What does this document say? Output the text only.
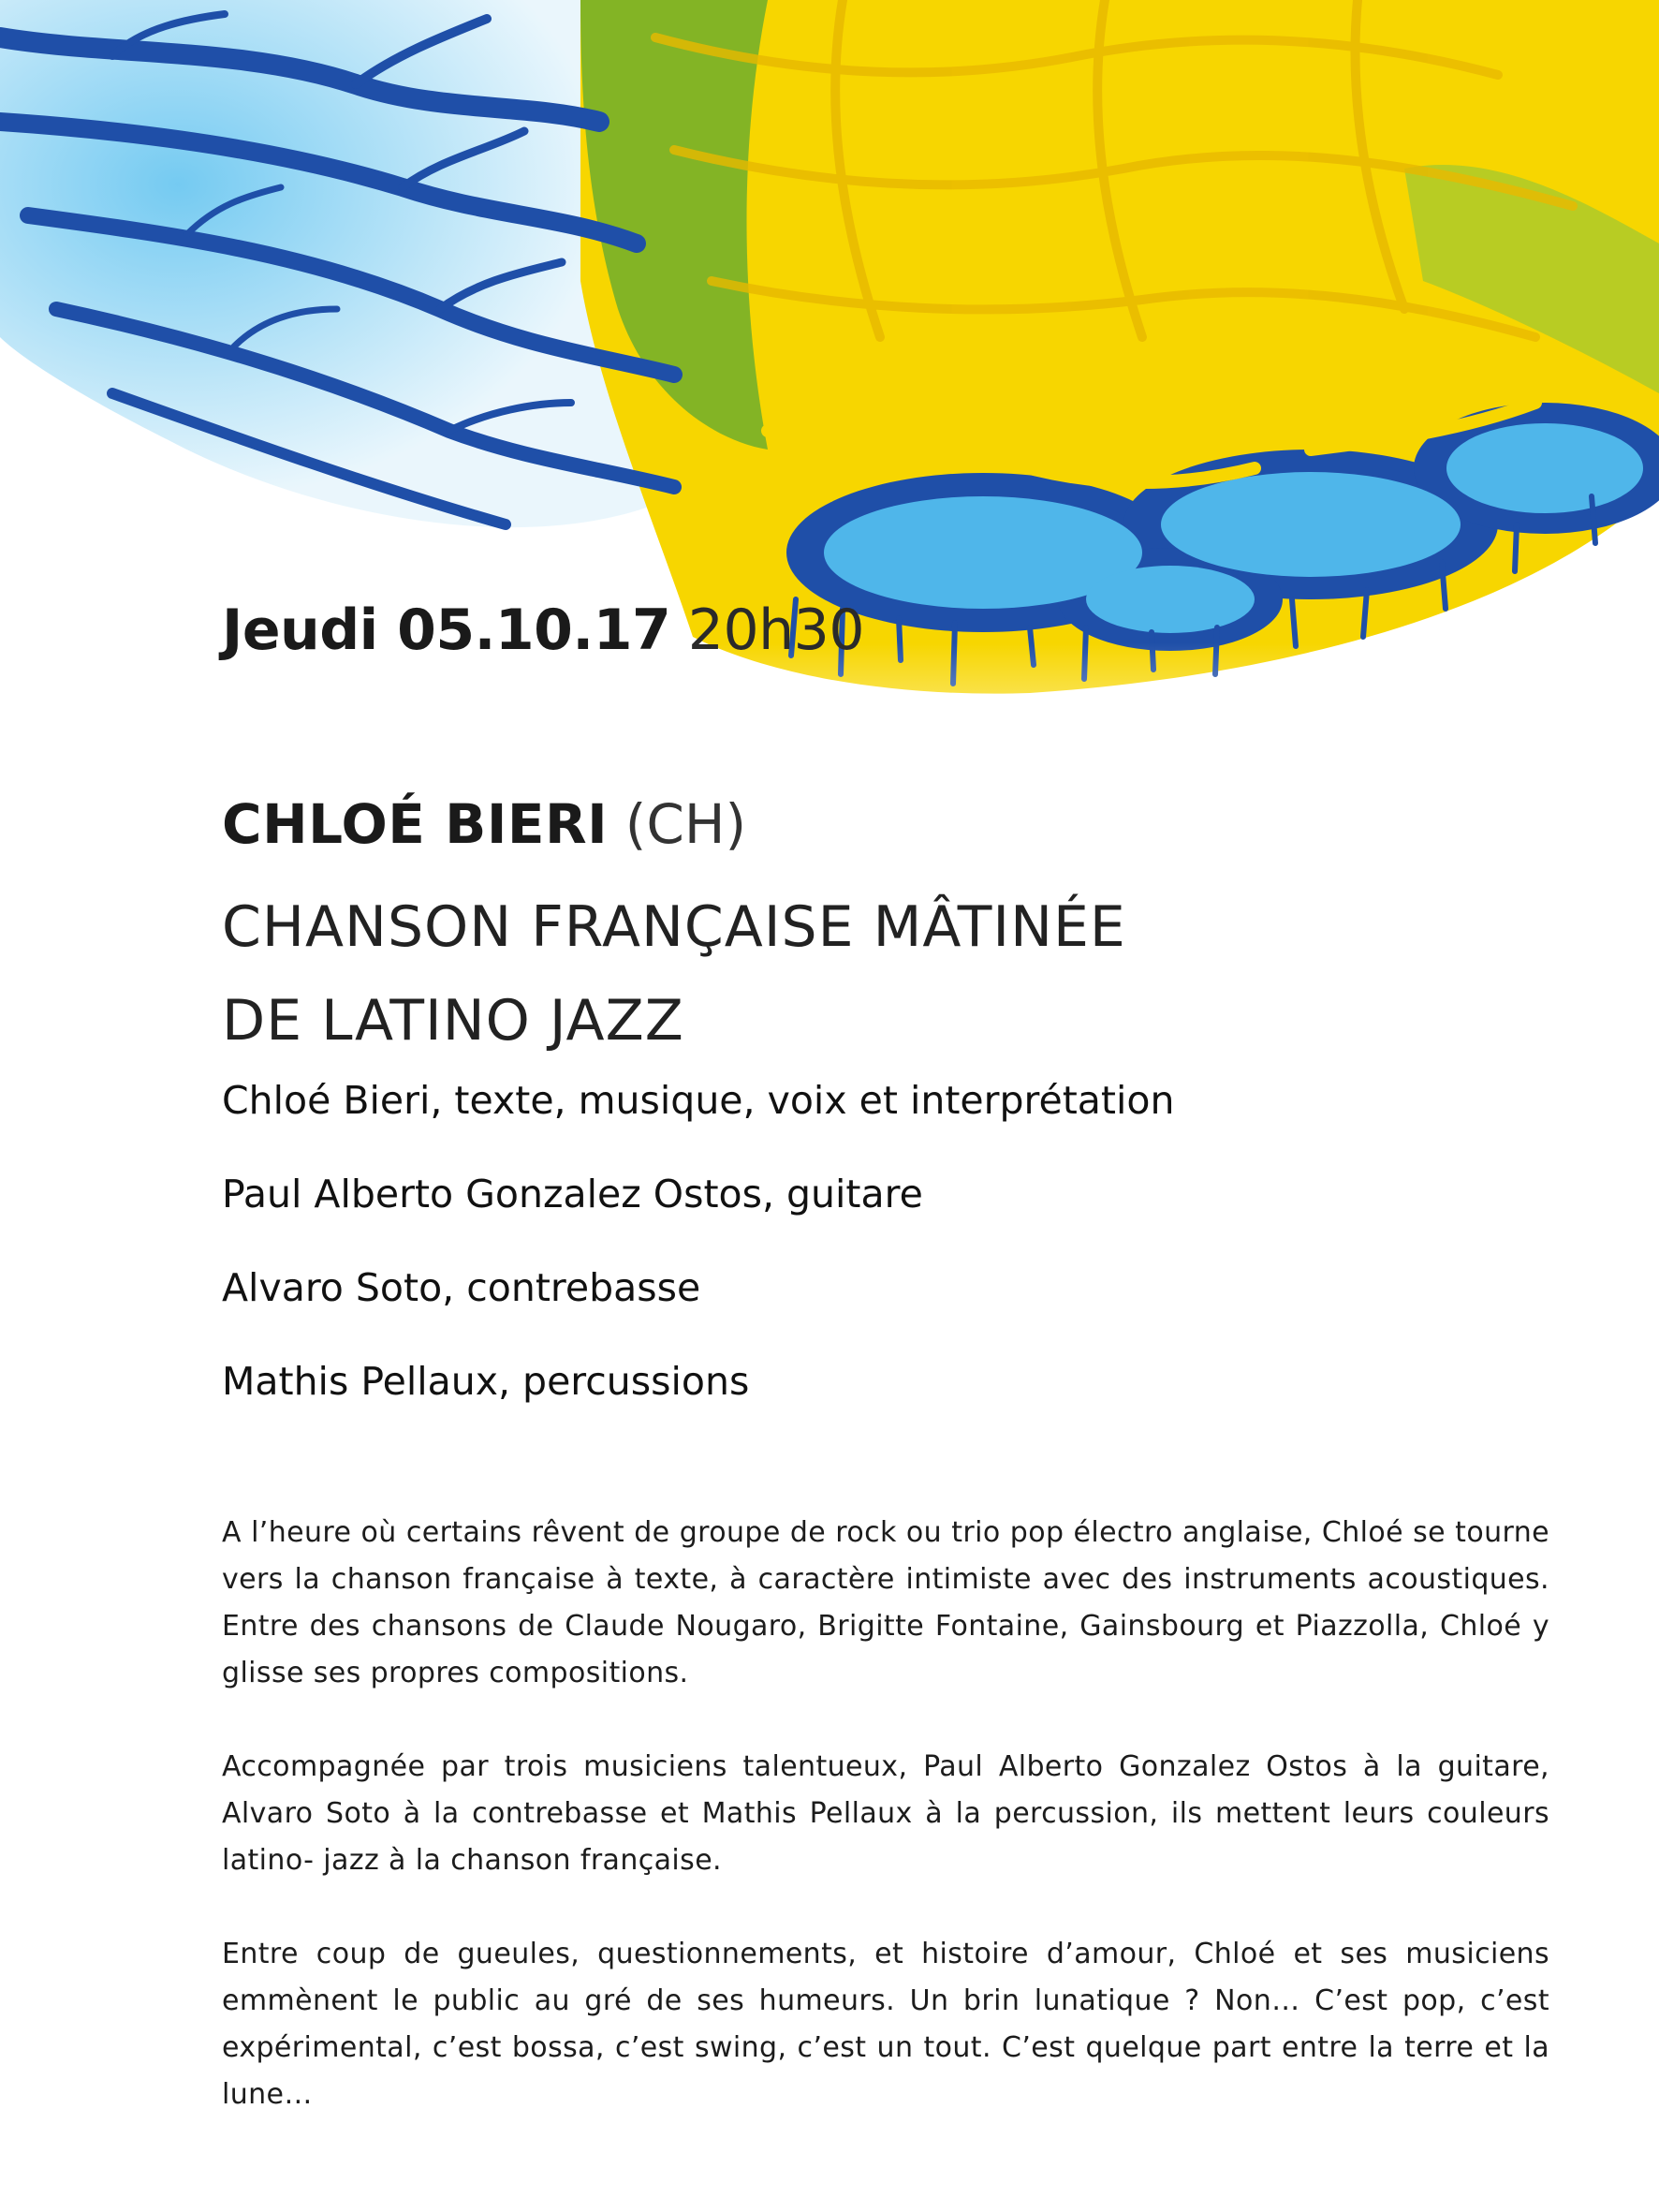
Jeudi 05.10.17 20h30
CHLOÉ BIERI (CH)
CHANSON FRANÇAISE MÂTINÉE
DE LATINO JAZZ
Chloé Bieri, texte, musique, voix et interprétation
Paul Alberto Gonzalez Ostos, guitare
Alvaro Soto, contrebasse
Mathis Pellaux, percussions

A l’heure où certains rêvent de groupe de rock ou trio pop électro anglaise, Chloé se tourne vers la chanson française à texte, à caractère intimiste avec des instruments acoustiques. Entre des chansons de Claude Nougaro, Brigitte Fontaine, Gainsbourg et Piazzolla, Chloé y glisse ses propres compositions.

Accompagnée par trois musiciens talentueux, Paul Alberto Gonzalez Ostos à la guitare, Alvaro Soto à la contrebasse et Mathis Pellaux à la percussion, ils mettent leurs couleurs latino- jazz à la chanson française.

Entre coup de gueules, questionnements, et histoire d’amour, Chloé et ses musiciens emmènent le public au gré de ses humeurs. Un brin lunatique ? Non… C’est pop, c’est expérimental, c’est bossa, c’est swing, c’est un tout. C’est quelque part entre la terre et la lune…
